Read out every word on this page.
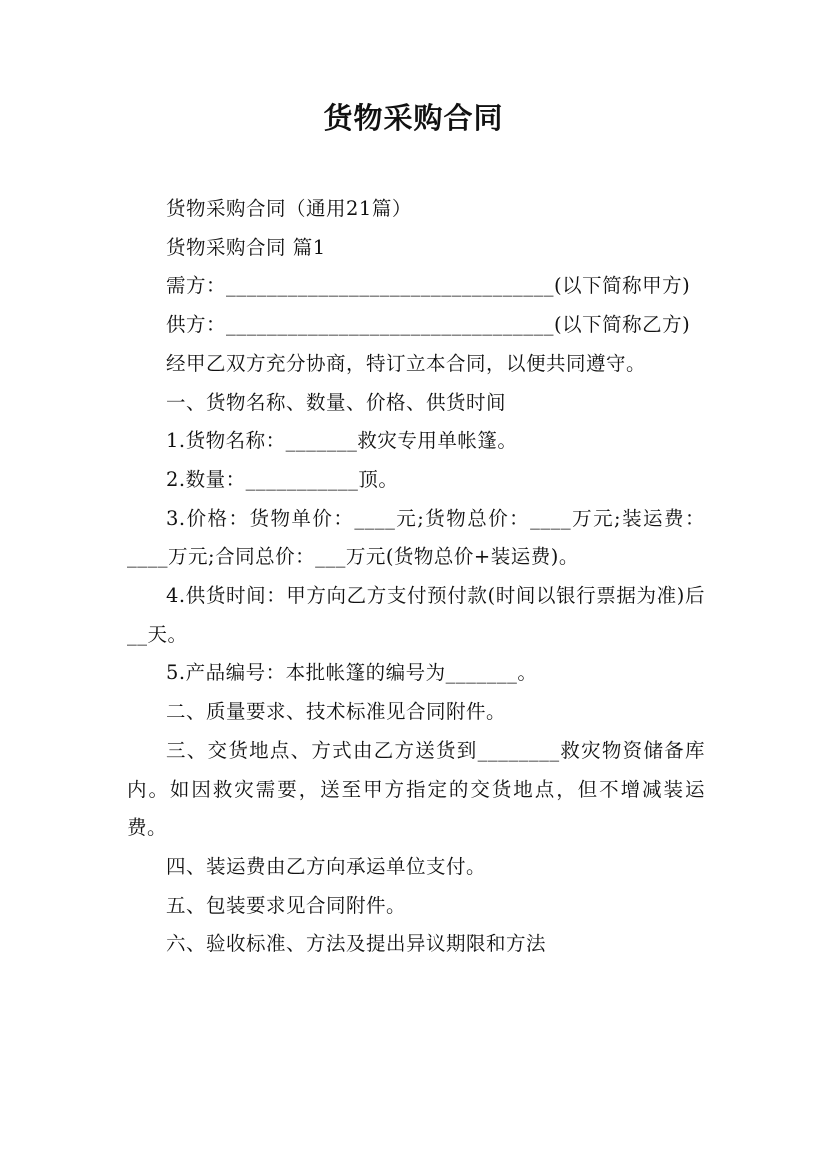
货物采购合同

货物采购合同（通用21篇）

货物采购合同 篇1

需方：________________________________(以下简称甲方)

供方：________________________________(以下简称乙方)

经甲乙双方充分协商，特订立本合同，以便共同遵守。

一、货物名称、数量、价格、供货时间

1.货物名称：_______救灾专用单帐篷。

2.数量：___________顶。

3.价格：货物单价：____元;货物总价：____万元;装运费：____万元;合同总价：___万元(货物总价+装运费)。

4.供货时间：甲方向乙方支付预付款(时间以银行票据为准)后__天。

5.产品编号：本批帐篷的编号为_______。

二、质量要求、技术标准见合同附件。

三、交货地点、方式由乙方送货到________救灾物资储备库内。如因救灾需要，送至甲方指定的交货地点，但不增减装运费。

四、装运费由乙方向承运单位支付。

五、包装要求见合同附件。

六、验收标准、方法及提出异议期限和方法
